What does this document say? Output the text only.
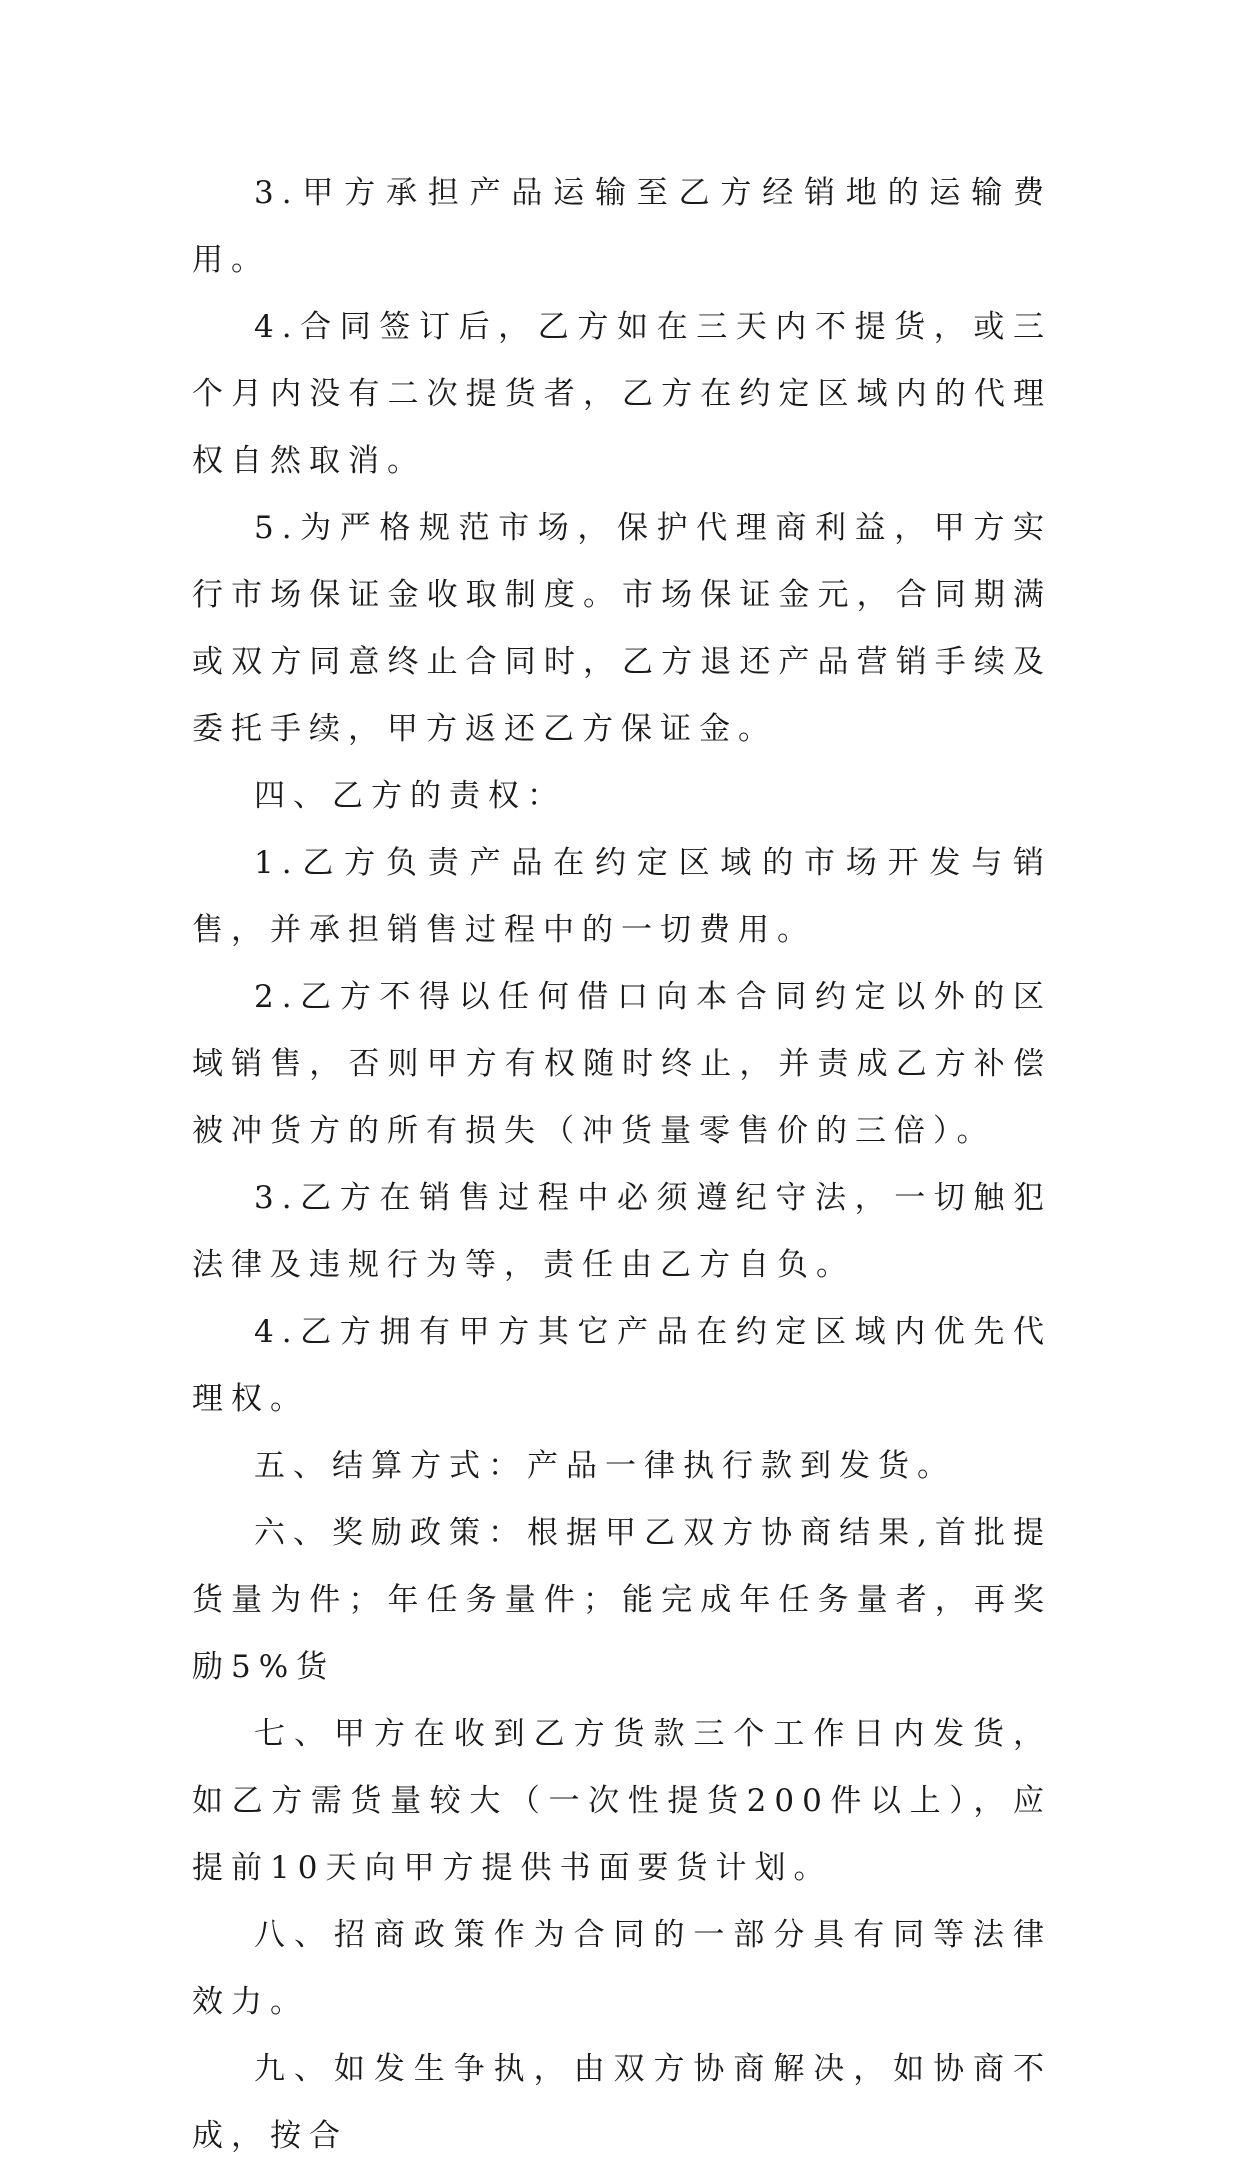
3.甲方承担产品运输至乙方经销地的运输费用。

4.合同签订后，乙方如在三天内不提货，或三个月内没有二次提货者，乙方在约定区域内的代理权自然取消。

5.为严格规范市场，保护代理商利益，甲方实行市场保证金收取制度。市场保证金元，合同期满或双方同意终止合同时，乙方退还产品营销手续及委托手续，甲方返还乙方保证金。

四、乙方的责权：

1.乙方负责产品在约定区域的市场开发与销售，并承担销售过程中的一切费用。

2.乙方不得以任何借口向本合同约定以外的区域销售，否则甲方有权随时终止，并责成乙方补偿被冲货方的所有损失（冲货量零售价的三倍）。

3.乙方在销售过程中必须遵纪守法，一切触犯法律及违规行为等，责任由乙方自负。

4.乙方拥有甲方其它产品在约定区域内优先代理权。

五、结算方式：产品一律执行款到发货。

六、奖励政策：根据甲乙双方协商结果,首批提货量为件；年任务量件；能完成年任务量者，再奖励5%货

七、甲方在收到乙方货款三个工作日内发货，如乙方需货量较大（一次性提货200件以上），应提前10天向甲方提供书面要货计划。

八、招商政策作为合同的一部分具有同等法律效力。

九、如发生争执，由双方协商解决，如协商不成，按合
